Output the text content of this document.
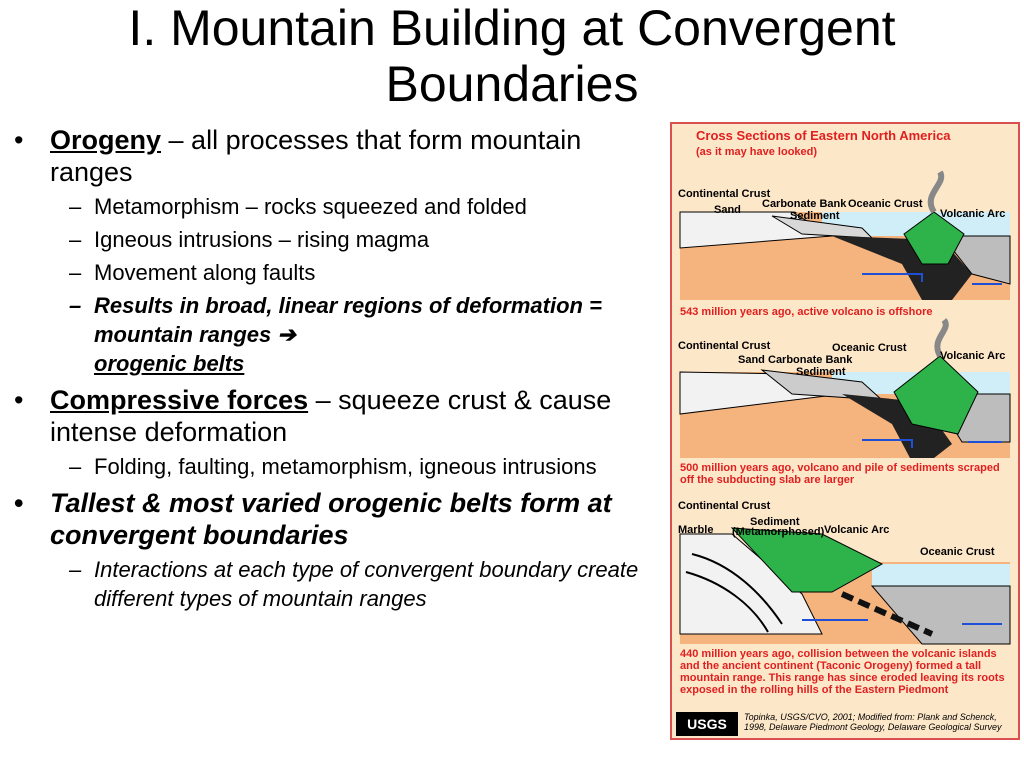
I. Mountain Building at Convergent
Boundaries
• Orogeny – all processes that form mountain ranges
– Metamorphism – rocks squeezed and folded
– Igneous intrusions – rising magma
– Movement along faults
– Results in broad, linear regions of deformation = mountain ranges ➔
orogenic belts
• Compressive forces – squeeze crust & cause intense deformation
– Folding, faulting, metamorphism, igneous intrusions
• Tallest & most varied orogenic belts form at convergent boundaries
– Interactions at each type of convergent boundary create different types of mountain ranges
Cross Sections of Eastern North America
(as it may have looked)
Continental Crust
Sand Carbonate Bank
Sediment
Oceanic Crust
Volcanic Arc
543 million years ago, active volcano is offshore
Continental Crust
Sand Carbonate Bank
Sediment
Oceanic Crust
Volcanic Arc
500 million years ago, volcano and pile of sediments scraped off the subducting slab are larger
Continental Crust
Marble
Sediment
(Metamorphosed) Volcanic Arc
Oceanic Crust
440 million years ago, collision between the volcanic islands and the ancient continent (Taconic Orogeny) formed a tall mountain range. This range has since eroded leaving its roots exposed in the rolling hills of the Eastern Piedmont
USGS	Topinka, USGS/CVO, 2001; Modified from: Plank and Schenck, 1998, Delaware Piedmont Geology, Delaware Geological Survey
